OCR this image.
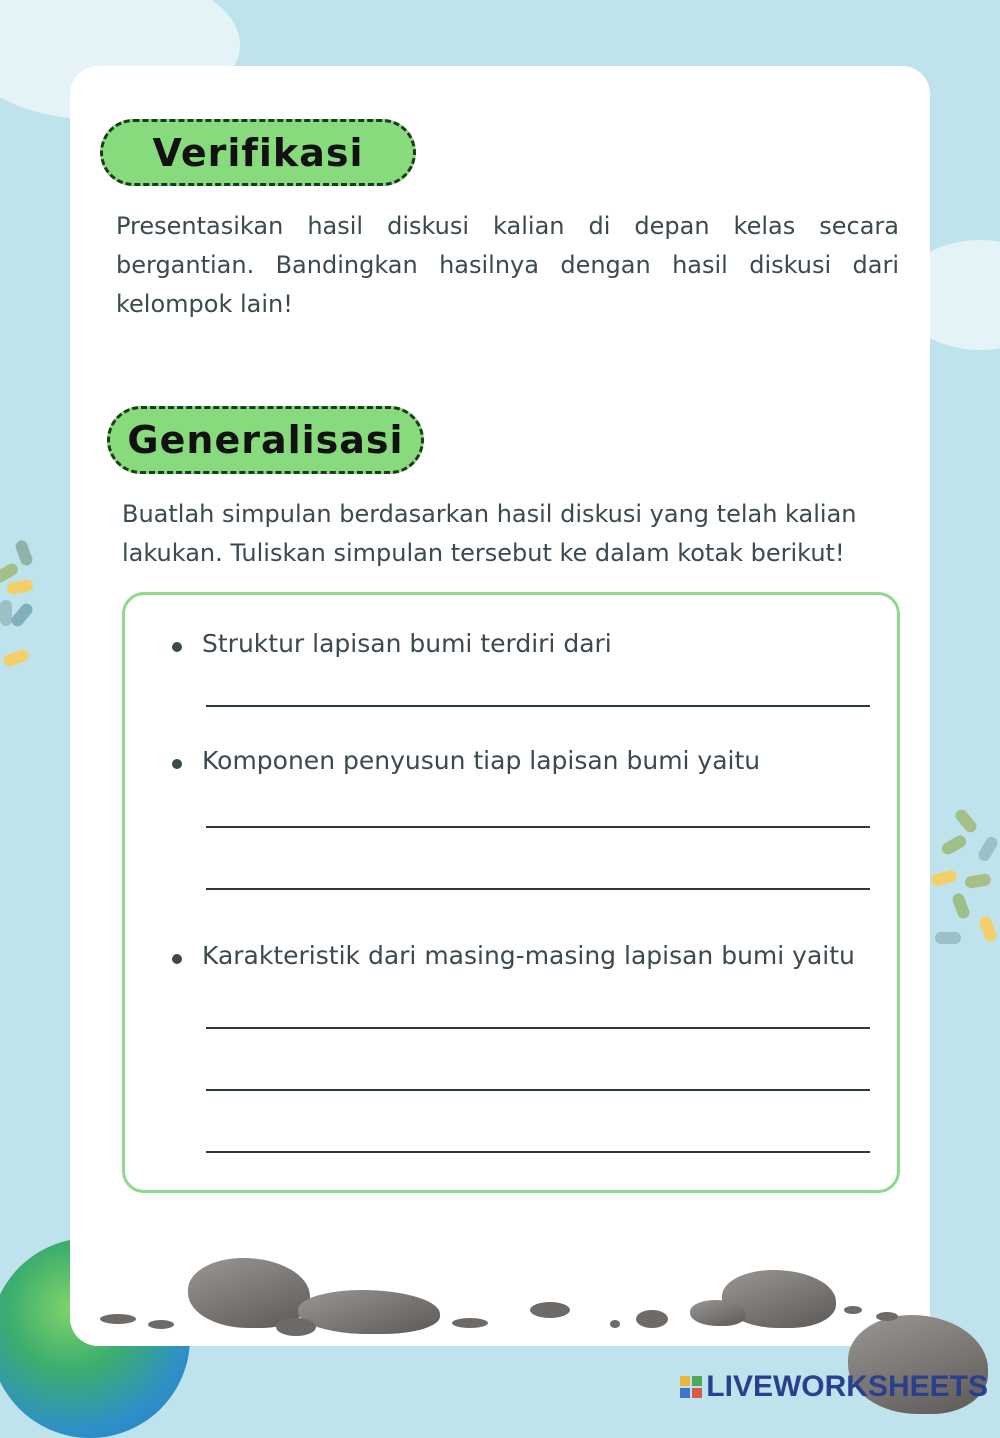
Verifikasi
Presentasikan hasil diskusi kalian di depan kelas secara bergantian. Bandingkan hasilnya dengan hasil diskusi dari kelompok lain!
Generalisasi
Buatlah simpulan berdasarkan hasil diskusi yang telah kalian lakukan. Tuliskan simpulan tersebut ke dalam kotak berikut!
Struktur lapisan bumi terdiri dari
Komponen penyusun tiap lapisan bumi yaitu
Karakteristik dari masing-masing lapisan bumi yaitu
LIVEWORKSHEETS
